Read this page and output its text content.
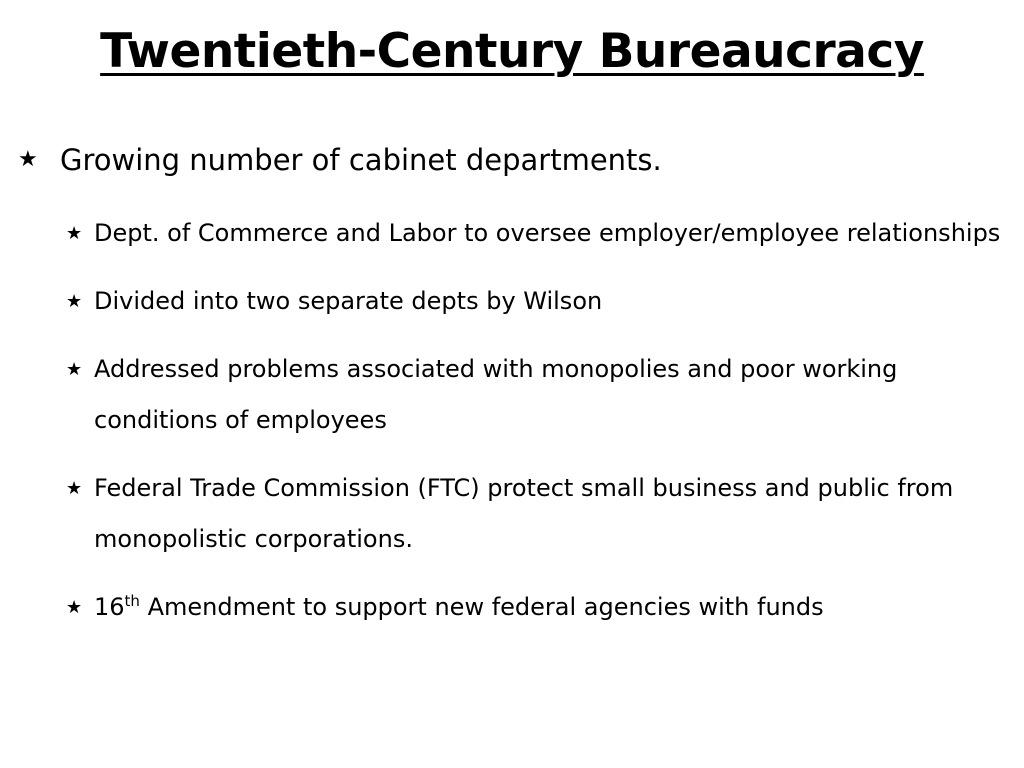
Twentieth-Century Bureaucracy
★ Growing number of cabinet departments.
★ Dept. of Commerce and Labor to oversee employer/employee relationships
★ Divided into two separate depts by Wilson
★ Addressed problems associated with monopolies and poor working conditions of employees
★ Federal Trade Commission (FTC) protect small business and public from monopolistic corporations.
★ 16th Amendment to support new federal agencies with funds
